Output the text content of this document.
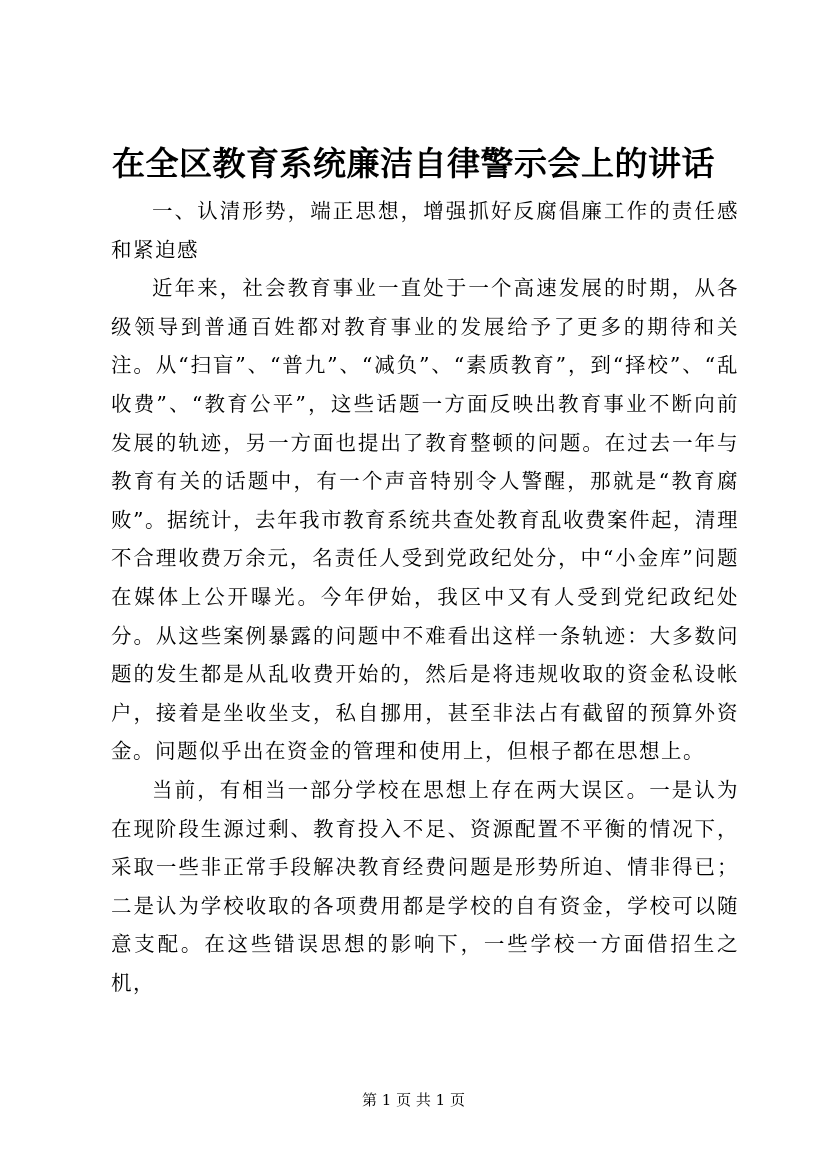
在全区教育系统廉洁自律警示会上的讲话

一、认清形势，端正思想，增强抓好反腐倡廉工作的责任感和紧迫感

近年来，社会教育事业一直处于一个高速发展的时期，从各级领导到普通百姓都对教育事业的发展给予了更多的期待和关注。从“扫盲”、“普九”、“减负”、“素质教育”，到“择校”、“乱收费”、“教育公平”，这些话题一方面反映出教育事业不断向前发展的轨迹，另一方面也提出了教育整顿的问题。在过去一年与教育有关的话题中，有一个声音特别令人警醒，那就是“教育腐败”。据统计，去年我市教育系统共查处教育乱收费案件起，清理不合理收费万余元，名责任人受到党政纪处分，中“小金库”问题在媒体上公开曝光。今年伊始，我区中又有人受到党纪政纪处分。从这些案例暴露的问题中不难看出这样一条轨迹：大多数问题的发生都是从乱收费开始的，然后是将违规收取的资金私设帐户，接着是坐收坐支，私自挪用，甚至非法占有截留的预算外资金。问题似乎出在资金的管理和使用上，但根子都在思想上。

当前，有相当一部分学校在思想上存在两大误区。一是认为在现阶段生源过剩、教育投入不足、资源配置不平衡的情况下，采取一些非正常手段解决教育经费问题是形势所迫、情非得已；二是认为学校收取的各项费用都是学校的自有资金，学校可以随意支配。在这些错误思想的影响下，一些学校一方面借招生之机，

第 1 页 共 1 页
